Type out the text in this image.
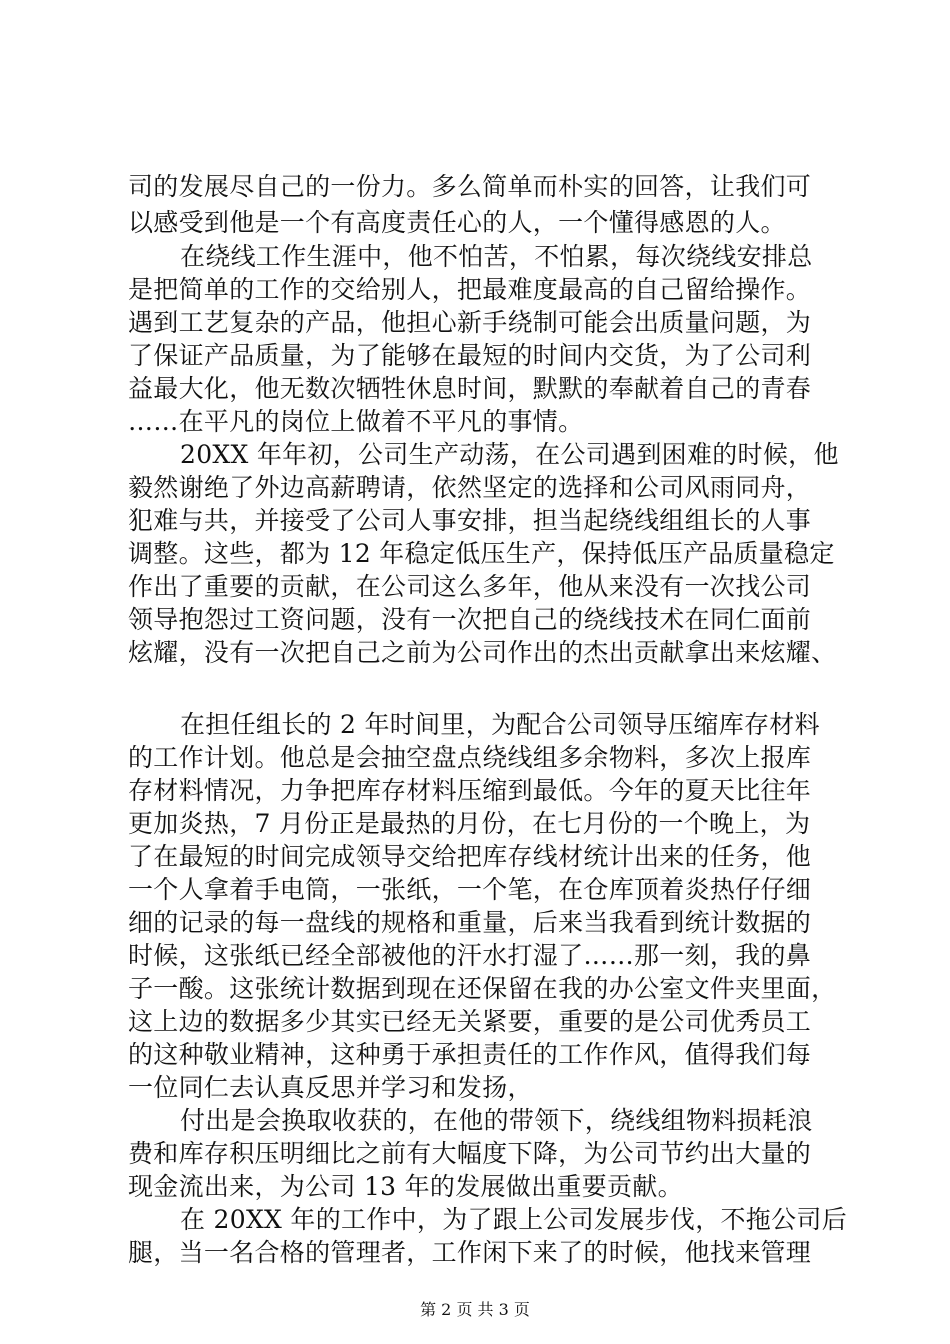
司的发展尽自己的一份力。多么简单而朴实的回答，让我们可
以感受到他是一个有高度责任心的人，一个懂得感恩的人。
在绕线工作生涯中，他不怕苦，不怕累，每次绕线安排总
是把简单的工作的交给别人，把最难度最高的自己留给操作。
遇到工艺复杂的产品，他担心新手绕制可能会出质量问题，为
了保证产品质量，为了能够在最短的时间内交货，为了公司利
益最大化，他无数次牺牲休息时间，默默的奉献着自己的青春
……在平凡的岗位上做着不平凡的事情。
20XX 年年初，公司生产动荡，在公司遇到困难的时候，他
毅然谢绝了外边高薪聘请，依然坚定的选择和公司风雨同舟，
犯难与共，并接受了公司人事安排，担当起绕线组组长的人事
调整。这些，都为 12 年稳定低压生产，保持低压产品质量稳定
作出了重要的贡献，在公司这么多年，他从来没有一次找公司
领导抱怨过工资问题，没有一次把自己的绕线技术在同仁面前
炫耀，没有一次把自己之前为公司作出的杰出贡献拿出来炫耀、
在担任组长的 2 年时间里，为配合公司领导压缩库存材料
的工作计划。他总是会抽空盘点绕线组多余物料，多次上报库
存材料情况，力争把库存材料压缩到最低。今年的夏天比往年
更加炎热，7 月份正是最热的月份，在七月份的一个晚上，为
了在最短的时间完成领导交给把库存线材统计出来的任务，他
一个人拿着手电筒，一张纸，一个笔，在仓库顶着炎热仔仔细
细的记录的每一盘线的规格和重量，后来当我看到统计数据的
时候，这张纸已经全部被他的汗水打湿了……那一刻，我的鼻
子一酸。这张统计数据到现在还保留在我的办公室文件夹里面，
这上边的数据多少其实已经无关紧要，重要的是公司优秀员工
的这种敬业精神，这种勇于承担责任的工作作风，值得我们每
一位同仁去认真反思并学习和发扬，
付出是会换取收获的，在他的带领下，绕线组物料损耗浪
费和库存积压明细比之前有大幅度下降，为公司节约出大量的
现金流出来，为公司 13 年的发展做出重要贡献。
在 20XX 年的工作中，为了跟上公司发展步伐，不拖公司后
腿，当一名合格的管理者，工作闲下来了的时候，他找来管理
第 2 页 共 3 页
